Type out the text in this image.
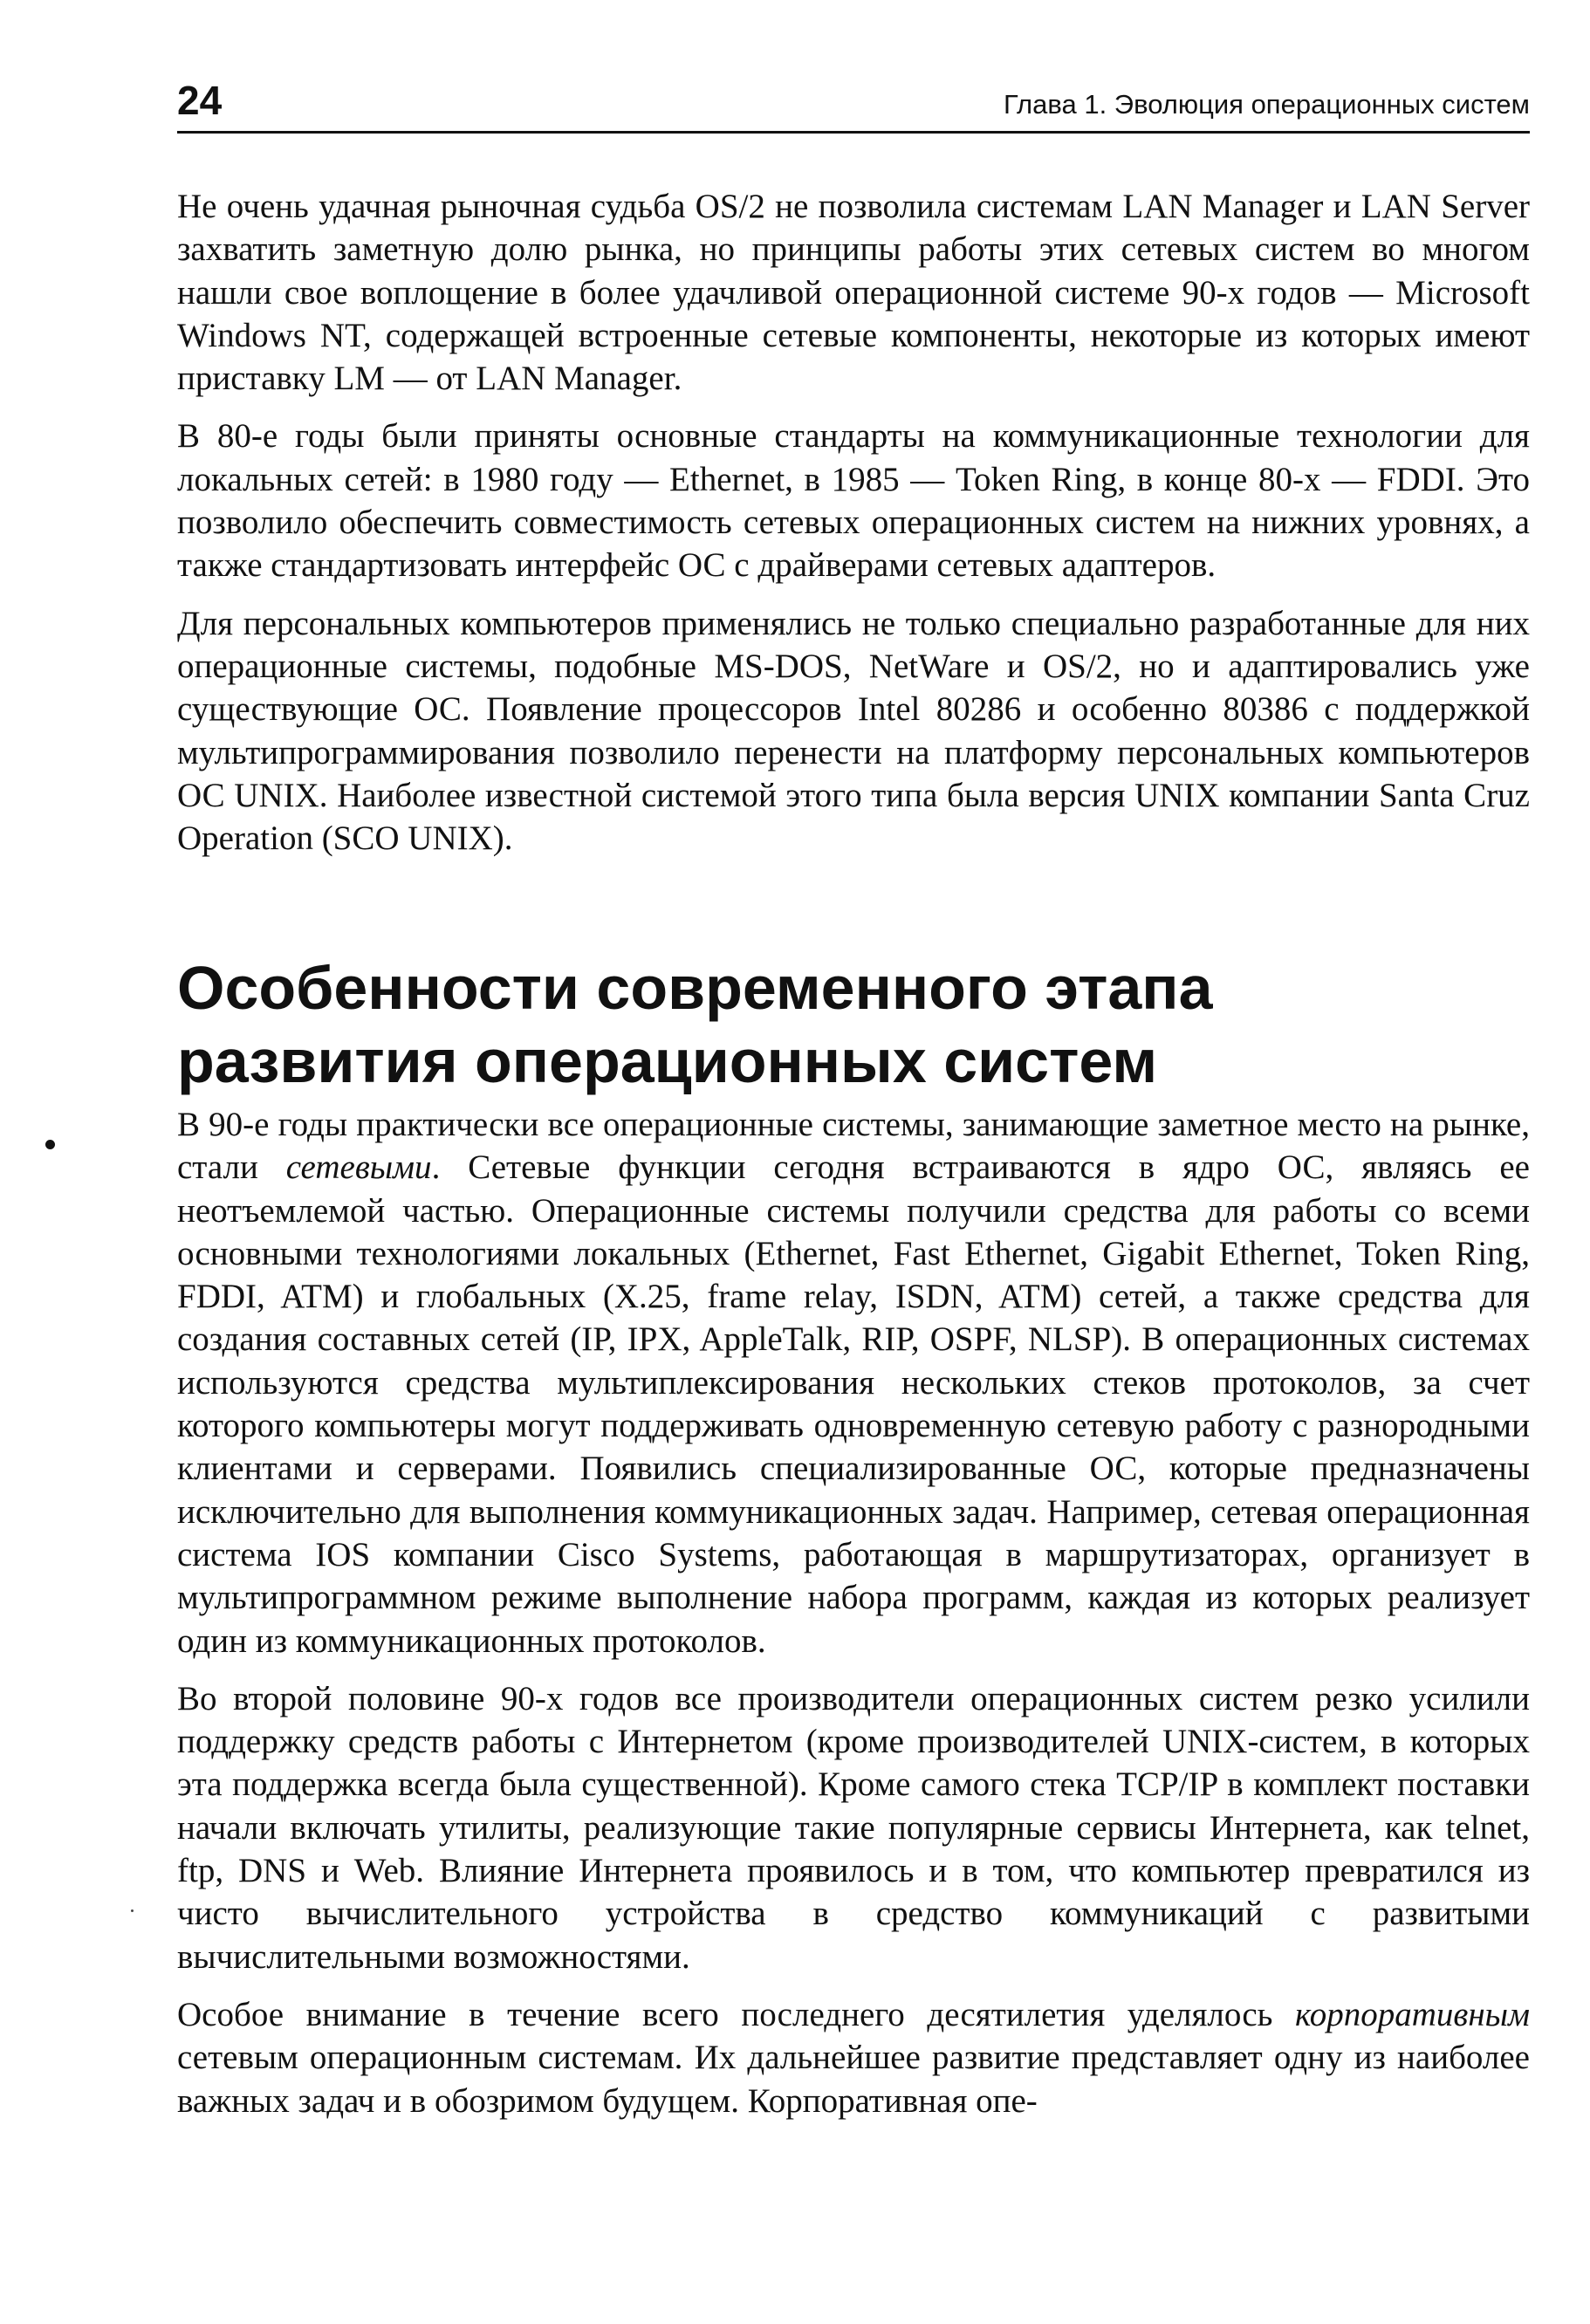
24	Глава 1. Эволюция операционных систем

Не очень удачная рыночная судьба OS/2 не позволила системам LAN Manager и LAN Server захватить заметную долю рынка, но принципы работы этих сетевых систем во многом нашли свое воплощение в более удачливой операционной системе 90-х годов — Microsoft Windows NT, содержащей встроенные сетевые компоненты, некоторые из которых имеют приставку LM — от LAN Manager.

В 80-е годы были приняты основные стандарты на коммуникационные технологии для локальных сетей: в 1980 году — Ethernet, в 1985 — Token Ring, в конце 80-х — FDDI. Это позволило обеспечить совместимость сетевых операционных систем на нижних уровнях, а также стандартизовать интерфейс ОС с драйверами сетевых адаптеров.

Для персональных компьютеров применялись не только специально разработанные для них операционные системы, подобные MS-DOS, NetWare и OS/2, но и адаптировались уже существующие ОС. Появление процессоров Intel 80286 и особенно 80386 с поддержкой мультипрограммирования позволило перенести на платформу персональных компьютеров ОС UNIX. Наиболее известной системой этого типа была версия UNIX компании Santa Cruz Operation (SCO UNIX).

Особенности современного этапа
развития операционных систем

В 90-е годы практически все операционные системы, занимающие заметное место на рынке, стали сетевыми. Сетевые функции сегодня встраиваются в ядро ОС, являясь ее неотъемлемой частью. Операционные системы получили средства для работы со всеми основными технологиями локальных (Ethernet, Fast Ethernet, Gigabit Ethernet, Token Ring, FDDI, ATM) и глобальных (X.25, frame relay, ISDN, ATM) сетей, а также средства для создания составных сетей (IP, IPX, AppleTalk, RIP, OSPF, NLSP). В операционных системах используются средства мультиплексирования нескольких стеков протоколов, за счет которого компьютеры могут поддерживать одновременную сетевую работу с разнородными клиентами и серверами. Появились специализированные ОС, которые предназначены исключительно для выполнения коммуникационных задач. Например, сетевая операционная система IOS компании Cisco Systems, работающая в маршрутизаторах, организует в мультипрограммном режиме выполнение набора программ, каждая из которых реализует один из коммуникационных протоколов.

Во второй половине 90-х годов все производители операционных систем резко усилили поддержку средств работы с Интернетом (кроме производителей UNIX-систем, в которых эта поддержка всегда была существенной). Кроме самого стека TCP/IP в комплект поставки начали включать утилиты, реализующие такие популярные сервисы Интернета, как telnet, ftp, DNS и Web. Влияние Интернета проявилось и в том, что компьютер превратился из чисто вычислительного устройства в средство коммуникаций с развитыми вычислительными возможностями.

Особое внимание в течение всего последнего десятилетия уделялось корпоративным сетевым операционным системам. Их дальнейшее развитие представляет одну из наиболее важных задач и в обозримом будущем. Корпоративная опе-
